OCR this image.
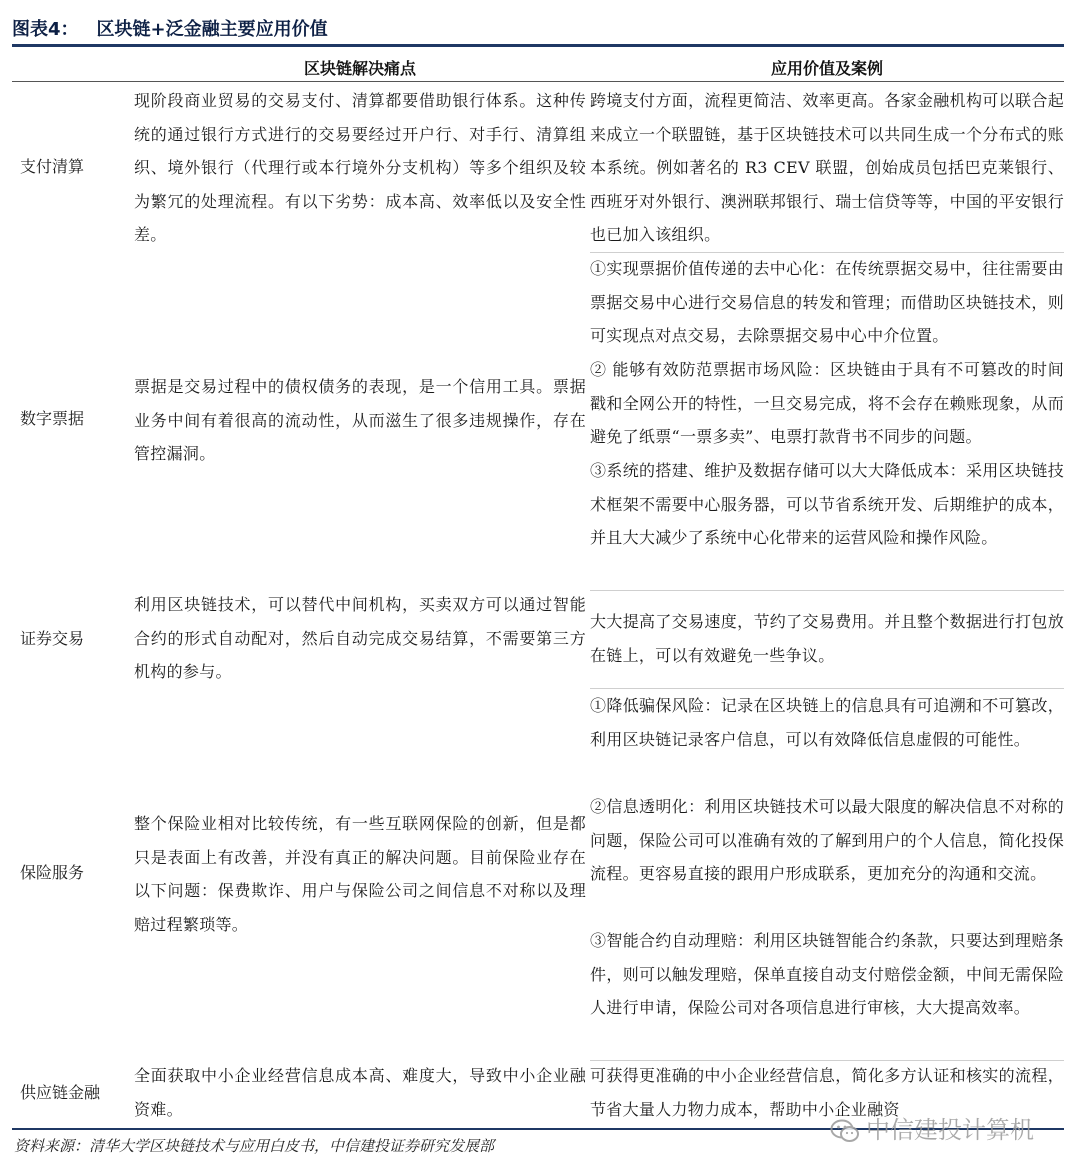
图表4： 区块链+泛金融主要应用价值
区块链解决痛点	应用价值及案例
支付清算
现阶段商业贸易的交易支付、清算都要借助银行体系。这种传统的通过银行方式进行的交易要经过开户行、对手行、清算组织、境外银行（代理行或本行境外分支机构）等多个组织及较为繁冗的处理流程。有以下劣势：成本高、效率低以及安全性差。
跨境支付方面，流程更简洁、效率更高。各家金融机构可以联合起来成立一个联盟链，基于区块链技术可以共同生成一个分布式的账本系统。例如著名的 R3 CEV 联盟，创始成员包括巴克莱银行、西班牙对外银行、澳洲联邦银行、瑞士信贷等等，中国的平安银行也已加入该组织。
数字票据
票据是交易过程中的债权债务的表现，是一个信用工具。票据业务中间有着很高的流动性，从而滋生了很多违规操作，存在管控漏洞。
①实现票据价值传递的去中心化：在传统票据交易中，往往需要由票据交易中心进行交易信息的转发和管理；而借助区块链技术，则可实现点对点交易，去除票据交易中心中介位置。
② 能够有效防范票据市场风险：区块链由于具有不可篡改的时间戳和全网公开的特性，一旦交易完成，将不会存在赖账现象，从而避免了纸票“一票多卖”、电票打款背书不同步的问题。
③系统的搭建、维护及数据存储可以大大降低成本：采用区块链技术框架不需要中心服务器，可以节省系统开发、后期维护的成本，并且大大减少了系统中心化带来的运营风险和操作风险。
证券交易
利用区块链技术，可以替代中间机构，买卖双方可以通过智能合约的形式自动配对，然后自动完成交易结算，不需要第三方机构的参与。
大大提高了交易速度，节约了交易费用。并且整个数据进行打包放在链上，可以有效避免一些争议。
保险服务
整个保险业相对比较传统，有一些互联网保险的创新，但是都只是表面上有改善，并没有真正的解决问题。目前保险业存在以下问题：保费欺诈、用户与保险公司之间信息不对称以及理赔过程繁琐等。
①降低骗保风险：记录在区块链上的信息具有可追溯和不可篡改，利用区块链记录客户信息，可以有效降低信息虚假的可能性。
②信息透明化：利用区块链技术可以最大限度的解决信息不对称的问题，保险公司可以准确有效的了解到用户的个人信息，简化投保流程。更容易直接的跟用户形成联系，更加充分的沟通和交流。
③智能合约自动理赔：利用区块链智能合约条款，只要达到理赔条件，则可以触发理赔，保单直接自动支付赔偿金额，中间无需保险人进行申请，保险公司对各项信息进行审核，大大提高效率。
供应链金融
全面获取中小企业经营信息成本高、难度大，导致中小企业融资难。
可获得更准确的中小企业经营信息，简化多方认证和核实的流程，节省大量人力物力成本，帮助中小企业融资
资料来源：清华大学区块链技术与应用白皮书，中信建投证券研究发展部
中信建投计算机
